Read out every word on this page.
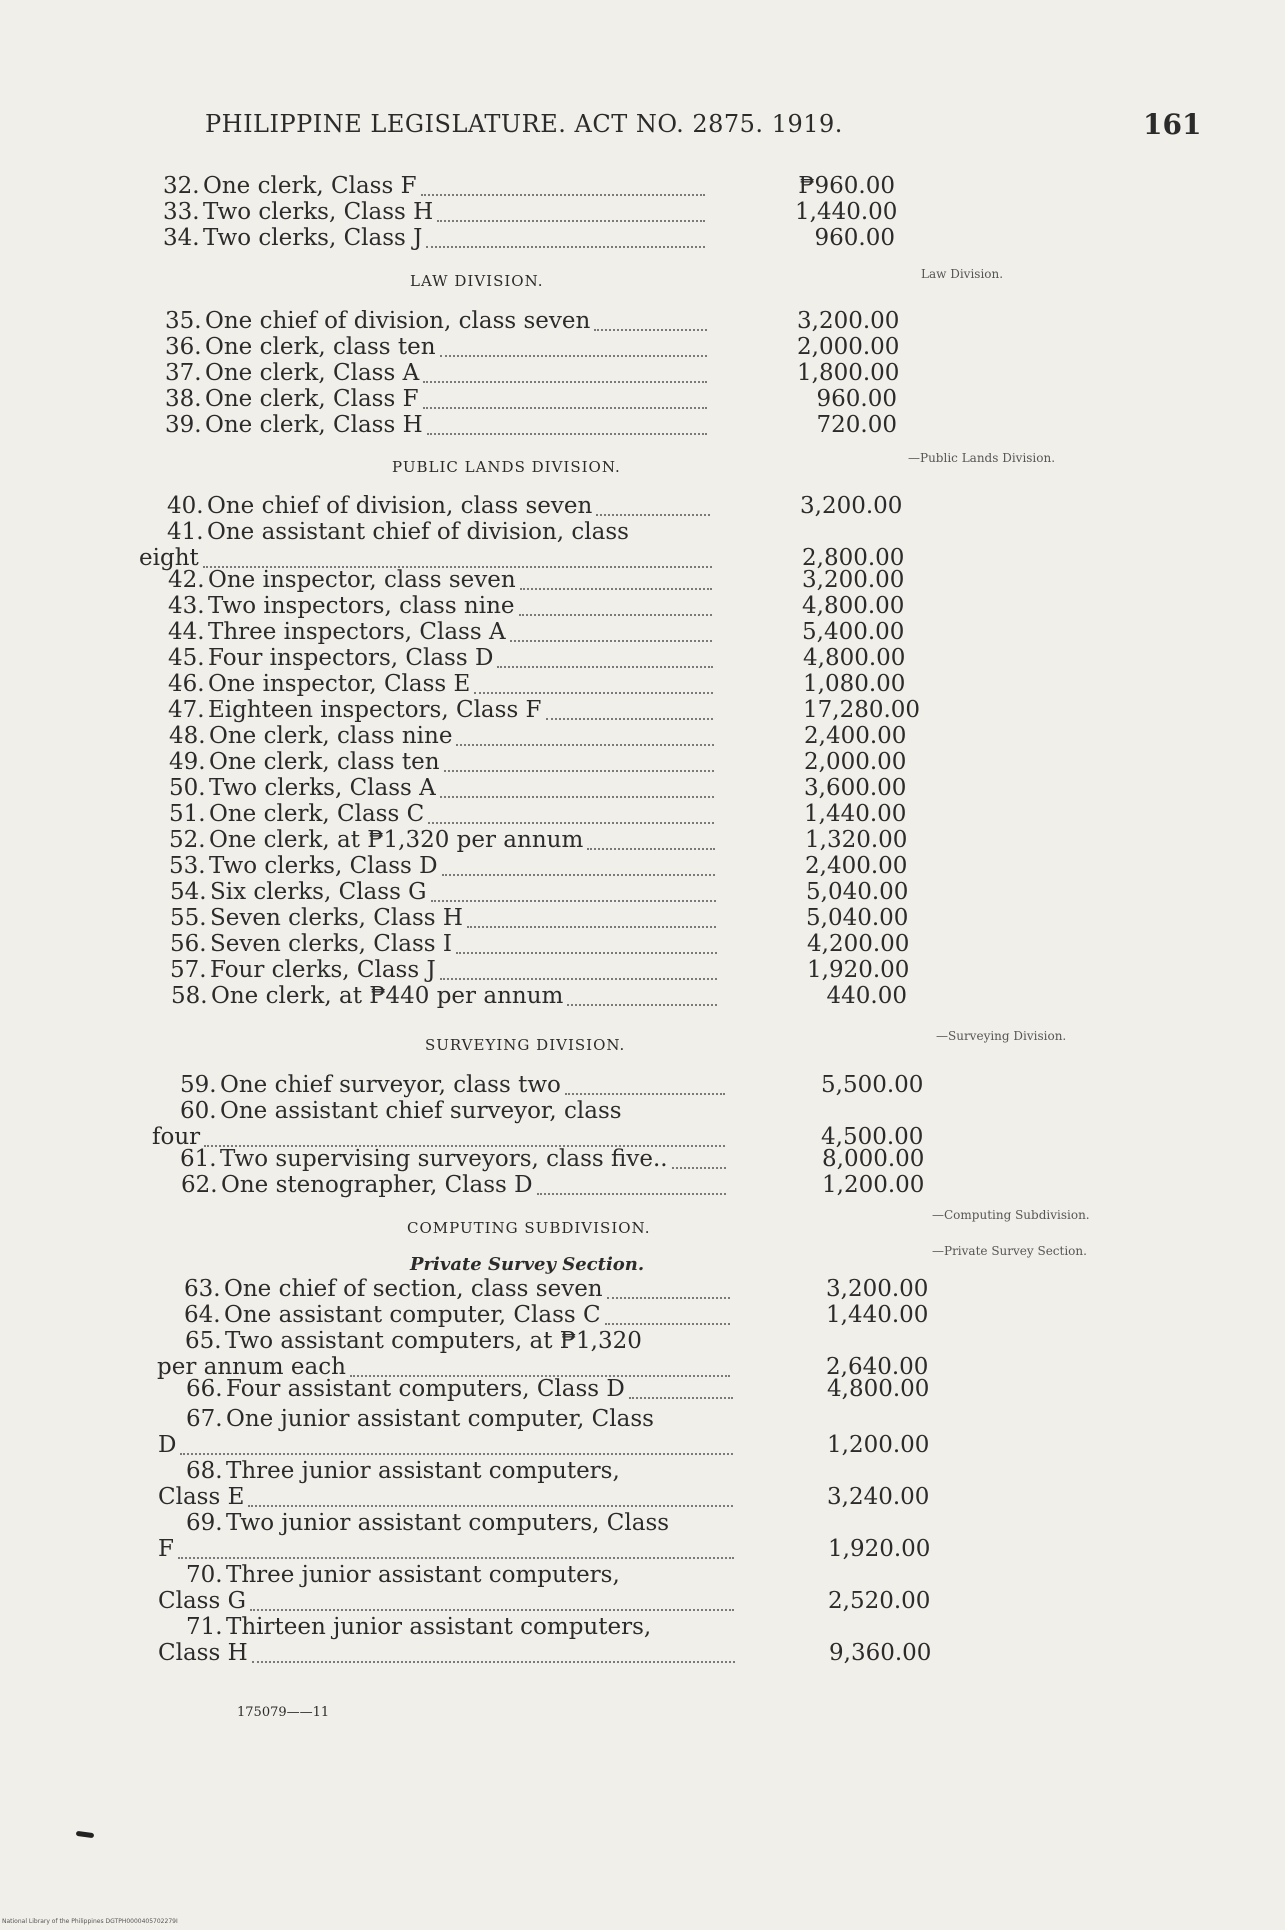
PHILIPPINE LEGISLATURE. ACT NO. 2875. 1919.	161
LAW DIVISION.
PUBLIC LANDS DIVISION.
SURVEYING DIVISION.
COMPUTING SUBDIVISION.
Private Survey Section.
Law Division.
—Public Lands Division.
—Surveying Division.
—Computing Subdivision.
—Private Survey Section.
32. One clerk, Class F	₱960.00
33. Two clerks, Class H	1,440.00
34. Two clerks, Class J	960.00
35. One chief of division, class seven	3,200.00
36. One clerk, class ten	2,000.00
37. One clerk, Class A	1,800.00
38. One clerk, Class F	960.00
39. One clerk, Class H	720.00
40. One chief of division, class seven	3,200.00
41. One assistant chief of division, class
eight	2,800.00
42. One inspector, class seven	3,200.00
43. Two inspectors, class nine	4,800.00
44. Three inspectors, Class A	5,400.00
45. Four inspectors, Class D	4,800.00
46. One inspector, Class E	1,080.00
47. Eighteen inspectors, Class F	17,280.00
48. One clerk, class nine	2,400.00
49. One clerk, class ten	2,000.00
50. Two clerks, Class A	3,600.00
51. One clerk, Class C	1,440.00
52. One clerk, at ₱1,320 per annum	1,320.00
53. Two clerks, Class D	2,400.00
54. Six clerks, Class G	5,040.00
55. Seven clerks, Class H	5,040.00
56. Seven clerks, Class I	4,200.00
57. Four clerks, Class J	1,920.00
58. One clerk, at ₱440 per annum	440.00
59. One chief surveyor, class two	5,500.00
60. One assistant chief surveyor, class
four	4,500.00
61. Two supervising surveyors, class five..	8,000.00
62. One stenographer, Class D	1,200.00
63. One chief of section, class seven	3,200.00
64. One assistant computer, Class C	1,440.00
65. Two assistant computers, at ₱1,320
per annum each	2,640.00
66. Four assistant computers, Class D	4,800.00
67. One junior assistant computer, Class
D	1,200.00
68. Three junior assistant computers,
Class E	3,240.00
69. Two junior assistant computers, Class
F	1,920.00
70. Three junior assistant computers,
Class G	2,520.00
71. Thirteen junior assistant computers,
Class H	9,360.00
175079——11
National Library of the Philippines DGTPH0000405702279I
